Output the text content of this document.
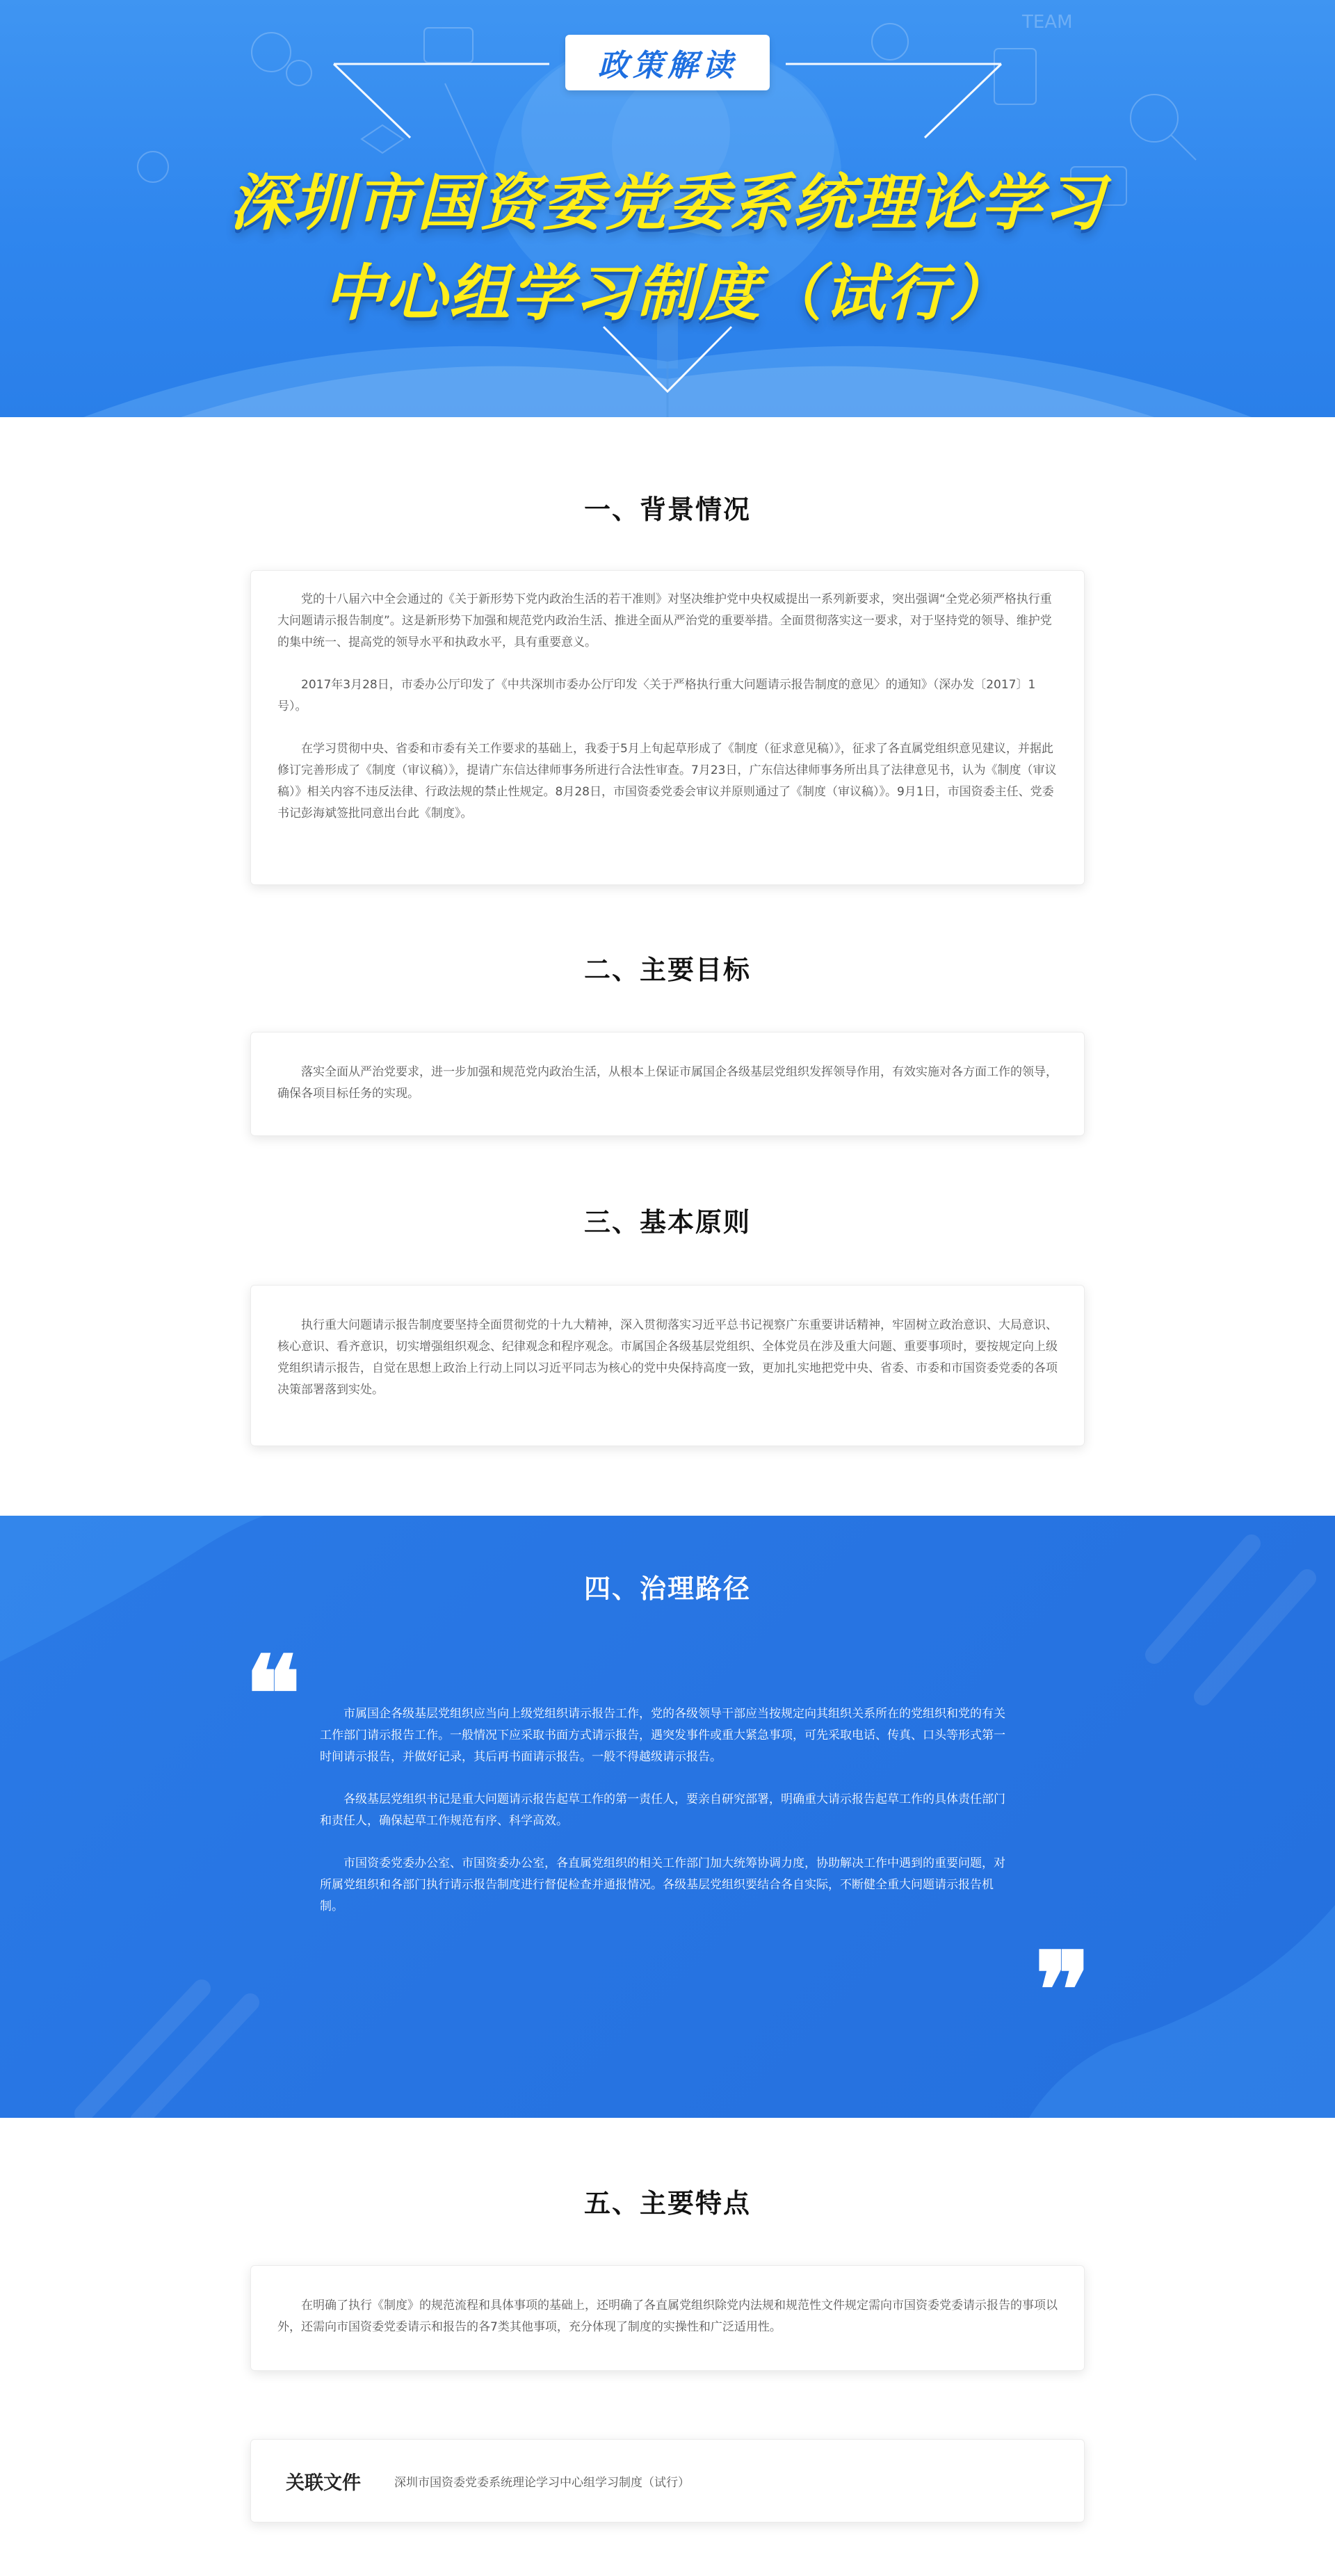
TEAM
政策解读
深圳市国资委党委系统理论学习
中心组学习制度（试行）
一、背景情况

党的十八届六中全会通过的《关于新形势下党内政治生活的若干准则》对坚决维护党中央权威提出一系列新要求，突出强调“全党必须严格执行重大问题请示报告制度”。这是新形势下加强和规范党内政治生活、推进全面从严治党的重要举措。全面贯彻落实这一要求，对于坚持党的领导、维护党的集中统一、提高党的领导水平和执政水平，具有重要意义。

2017年3月28日，市委办公厅印发了《中共深圳市委办公厅印发〈关于严格执行重大问题请示报告制度的意见〉的通知》（深办发〔2017〕1号）。

在学习贯彻中央、省委和市委有关工作要求的基础上，我委于5月上旬起草形成了《制度（征求意见稿）》，征求了各直属党组织意见建议，并据此修订完善形成了《制度（审议稿）》，提请广东信达律师事务所进行合法性审查。7月23日，广东信达律师事务所出具了法律意见书，认为《制度（审议稿）》相关内容不违反法律、行政法规的禁止性规定。8月28日，市国资委党委会审议并原则通过了《制度（审议稿）》。9月1日，市国资委主任、党委书记彭海斌签批同意出台此《制度》。

二、主要目标

落实全面从严治党要求，进一步加强和规范党内政治生活，从根本上保证市属国企各级基层党组织发挥领导作用，有效实施对各方面工作的领导，确保各项目标任务的实现。

三、基本原则

执行重大问题请示报告制度要坚持全面贯彻党的十九大精神，深入贯彻落实习近平总书记视察广东重要讲话精神，牢固树立政治意识、大局意识、核心意识、看齐意识，切实增强组织观念、纪律观念和程序观念。市属国企各级基层党组织、全体党员在涉及重大问题、重要事项时，要按规定向上级党组织请示报告，自觉在思想上政治上行动上同以习近平同志为核心的党中央保持高度一致，更加扎实地把党中央、省委、市委和市国资委党委的各项决策部署落到实处。

四、治理路径
❝	市属国企各级基层党组织应当向上级党组织请示报告工作，党的各级领导干部应当按规定向其组织关系所在的党组织和党的有关工作部门请示报告工作。一般情况下应采取书面方式请示报告，遇突发事件或重大紧急事项，可先采取电话、传真、口头等形式第一时间请示报告，并做好记录，其后再书面请示报告。一般不得越级请示报告。

各级基层党组织书记是重大问题请示报告起草工作的第一责任人，要亲自研究部署，明确重大请示报告起草工作的具体责任部门和责任人，确保起草工作规范有序、科学高效。

市国资委党委办公室、市国资委办公室，各直属党组织的相关工作部门加大统筹协调力度，协助解决工作中遇到的重要问题，对所属党组织和各部门执行请示报告制度进行督促检查并通报情况。各级基层党组织要结合各自实际，不断健全重大问题请示报告机制。

❞
五、主要特点

在明确了执行《制度》的规范流程和具体事项的基础上，还明确了各直属党组织除党内法规和规范性文件规定需向市国资委党委请示报告的事项以外，还需向市国资委党委请示和报告的各7类其他事项，充分体现了制度的实操性和广泛适用性。

关联文件	深圳市国资委党委系统理论学习中心组学习制度（试行）
